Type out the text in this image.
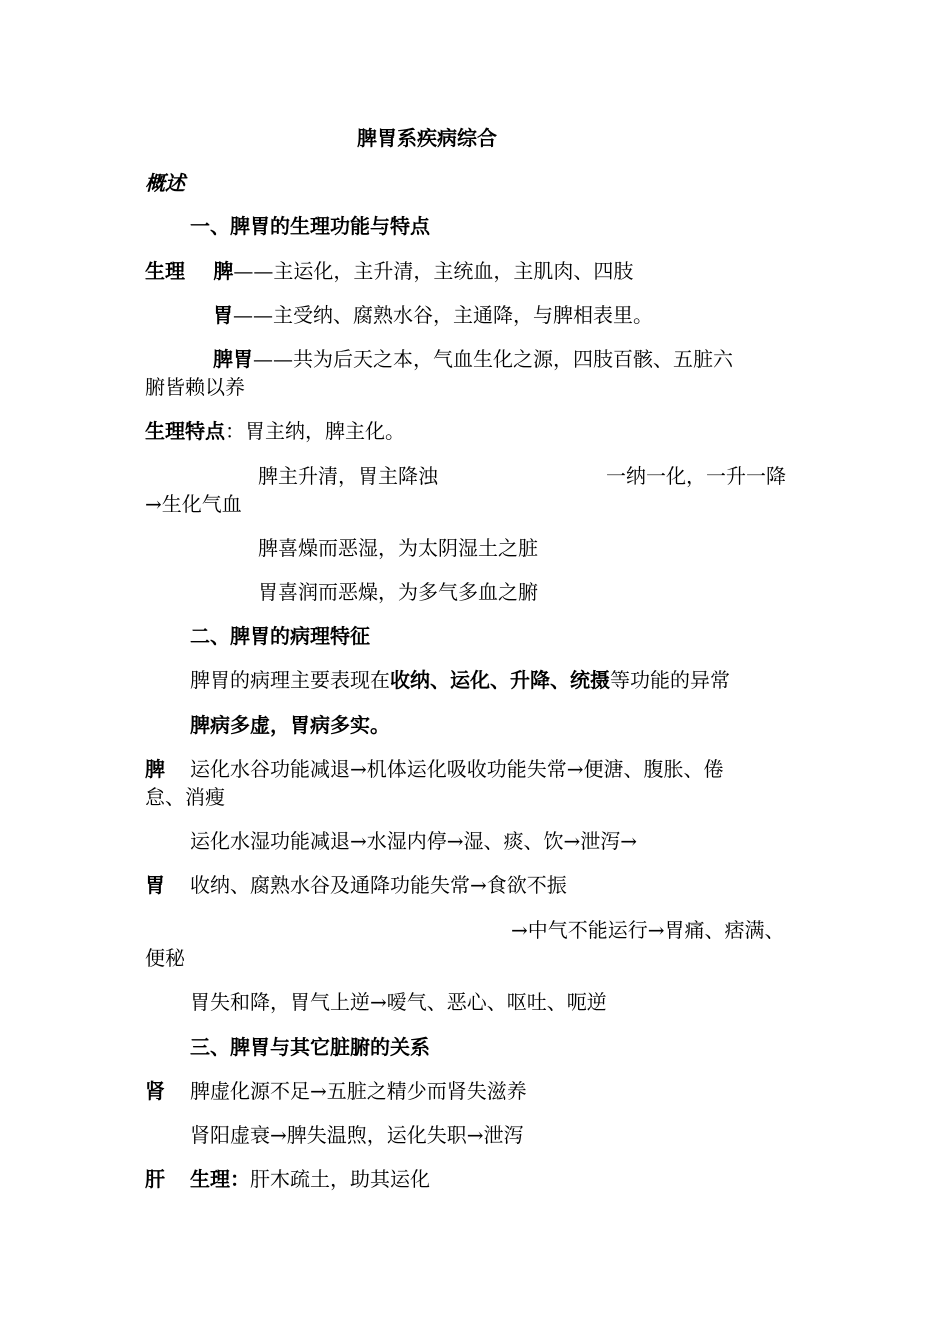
脾胃系疾病综合
概述
一、脾胃的生理功能与特点
生理 脾——主运化，主升清，主统血，主肌肉、四肢
胃——主受纳、腐熟水谷，主通降，与脾相表里。
脾胃——共为后天之本，气血生化之源，四肢百骸、五脏六
腑皆赖以养
生理特点：胃主纳，脾主化。
脾主升清，胃主降浊	一纳一化，一升一降
→生化气血
脾喜燥而恶湿，为太阴湿土之脏
胃喜润而恶燥，为多气多血之腑
二、脾胃的病理特征
脾胃的病理主要表现在收纳、运化、升降、统摄等功能的异常
脾病多虚，胃病多实。
脾 运化水谷功能减退→机体运化吸收功能失常→便溏、腹胀、倦
怠、消瘦
运化水湿功能减退→水湿内停→湿、痰、饮→泄泻→
胃 收纳、腐熟水谷及通降功能失常→食欲不振
→中气不能运行→胃痛、痞满、
便秘
胃失和降，胃气上逆→嗳气、恶心、呕吐、呃逆
三、脾胃与其它脏腑的关系
肾 脾虚化源不足→五脏之精少而肾失滋养
肾阳虚衰→脾失温煦，运化失职→泄泻
肝 生理：肝木疏土，助其运化
